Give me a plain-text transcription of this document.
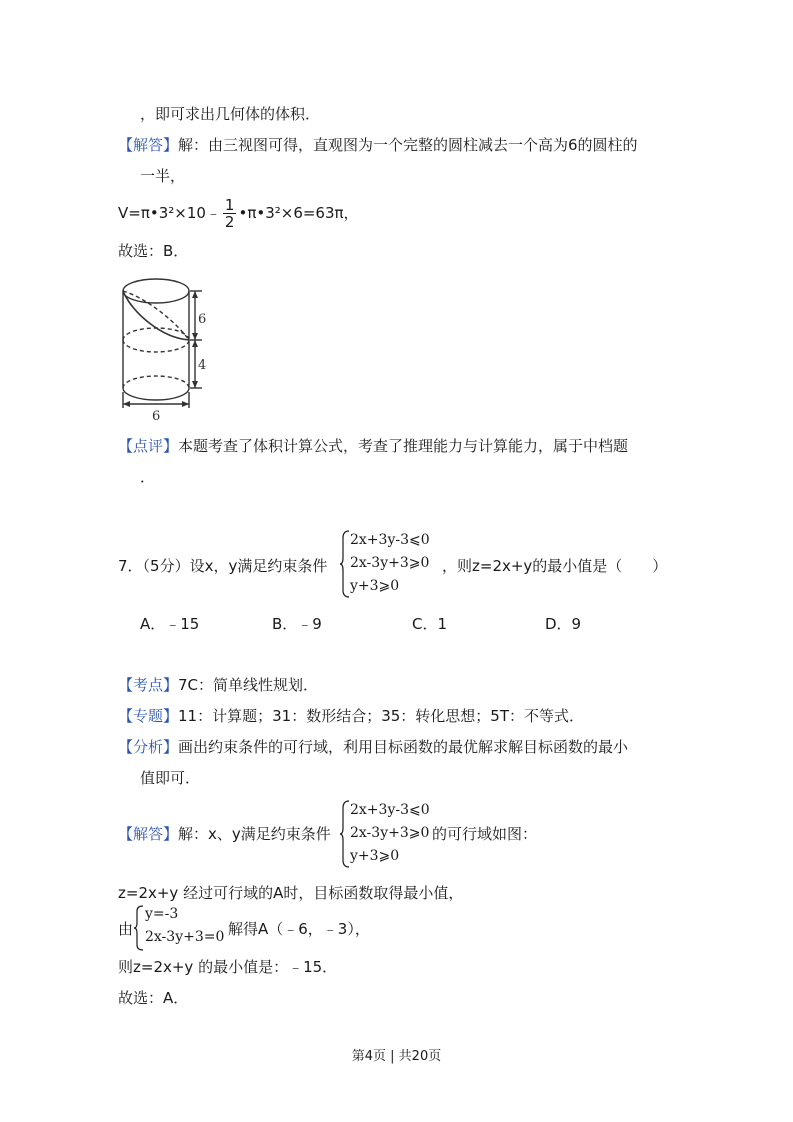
，即可求出几何体的体积．
【解答】解：由三视图可得，直观图为一个完整的圆柱减去一个高为6的圆柱的
一半，
V=π•3²×10﹣ $\frac{1}{2}$ •π•3²×6=63π，
故选：B．
6
4
6
【点评】本题考查了体积计算公式，考查了推理能力与计算能力，属于中档题
．
7．（5分）设x，y满足约束条件
2x+3y-3⩽0
2x-3y+3⩾0
y+3⩾0
，则z=2x+y的最小值是（　　）
A．﹣15	B．﹣9	C．1	D．9
【考点】7C：简单线性规划．
【专题】11：计算题；31：数形结合；35：转化思想；5T：不等式．
【分析】画出约束条件的可行域，利用目标函数的最优解求解目标函数的最小
值即可．
【解答】解：x、y满足约束条件
2x+3y-3⩽0
2x-3y+3⩾0
y+3⩾0
的可行域如图：
z=2x+y 经过可行域的A时，目标函数取得最小值，
由
y=-3
2x-3y+3=0 解得A（﹣6，﹣3），
则z=2x+y 的最小值是：﹣15．
故选：A．
第4页 | 共20页
